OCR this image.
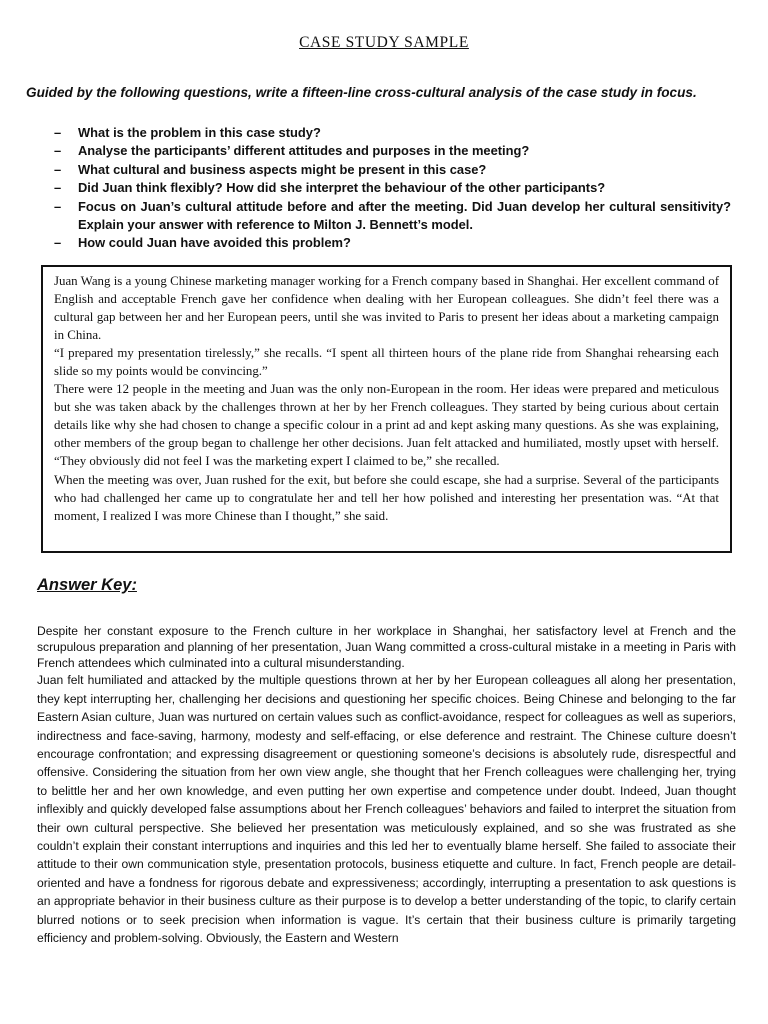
CASE STUDY SAMPLE
Guided by the following questions, write a fifteen-line cross-cultural analysis of the case study in focus.
– What is the problem in this case study?
– Analyse the participants’ different attitudes and purposes in the meeting?
– What cultural and business aspects might be present in this case?
– Did Juan think flexibly? How did she interpret the behaviour of the other participants?
– Focus on Juan’s cultural attitude before and after the meeting. Did Juan develop her cultural sensitivity? Explain your answer with reference to Milton J. Bennett’s model.
– How could Juan have avoided this problem?

Juan Wang is a young Chinese marketing manager working for a French company based in Shanghai. Her excellent command of English and acceptable French gave her confidence when dealing with her European colleagues. She didn’t feel there was a cultural gap between her and her European peers, until she was invited to Paris to present her ideas about a marketing campaign in China.

“I prepared my presentation tirelessly,” she recalls. “I spent all thirteen hours of the plane ride from Shanghai rehearsing each slide so my points would be convincing.”

There were 12 people in the meeting and Juan was the only non-European in the room. Her ideas were prepared and meticulous but she was taken aback by the challenges thrown at her by her French colleagues. They started by being curious about certain details like why she had chosen to change a specific colour in a print ad and kept asking many questions. As she was explaining, other members of the group began to challenge her other decisions. Juan felt attacked and humiliated, mostly upset with herself. “They obviously did not feel I was the marketing expert I claimed to be,” she recalled.

When the meeting was over, Juan rushed for the exit, but before she could escape, she had a surprise. Several of the participants who had challenged her came up to congratulate her and tell her how polished and interesting her presentation was. “At that moment, I realized I was more Chinese than I thought,” she said.

Answer Key:

Despite her constant exposure to the French culture in her workplace in Shanghai, her satisfactory level at French and the scrupulous preparation and planning of her presentation, Juan Wang committed a cross-cultural mistake in a meeting in Paris with French attendees which culminated into a cultural misunderstanding.

Juan felt humiliated and attacked by the multiple questions thrown at her by her European colleagues all along her presentation, they kept interrupting her, challenging her decisions and questioning her specific choices. Being Chinese and belonging to the far Eastern Asian culture, Juan was nurtured on certain values such as conflict-avoidance, respect for colleagues as well as superiors, indirectness and face-saving, harmony, modesty and self-effacing, or else deference and restraint. The Chinese culture doesn’t encourage confrontation; and expressing disagreement or questioning someone’s decisions is absolutely rude, disrespectful and offensive. Considering the situation from her own view angle, she thought that her French colleagues were challenging her, trying to belittle her and her own knowledge, and even putting her own expertise and competence under doubt. Indeed, Juan thought inflexibly and quickly developed false assumptions about her French colleagues’ behaviors and failed to interpret the situation from their own cultural perspective. She believed her presentation was meticulously explained, and so she was frustrated as she couldn’t explain their constant interruptions and inquiries and this led her to eventually blame herself. She failed to associate their attitude to their own communication style, presentation protocols, business etiquette and culture. In fact, French people are detail-oriented and have a fondness for rigorous debate and expressiveness; accordingly, interrupting a presentation to ask questions is an appropriate behavior in their business culture as their purpose is to develop a better understanding of the topic, to clarify certain blurred notions or to seek precision when information is vague. It’s certain that their business culture is primarily targeting efficiency and problem-solving. Obviously, the Eastern and Western
